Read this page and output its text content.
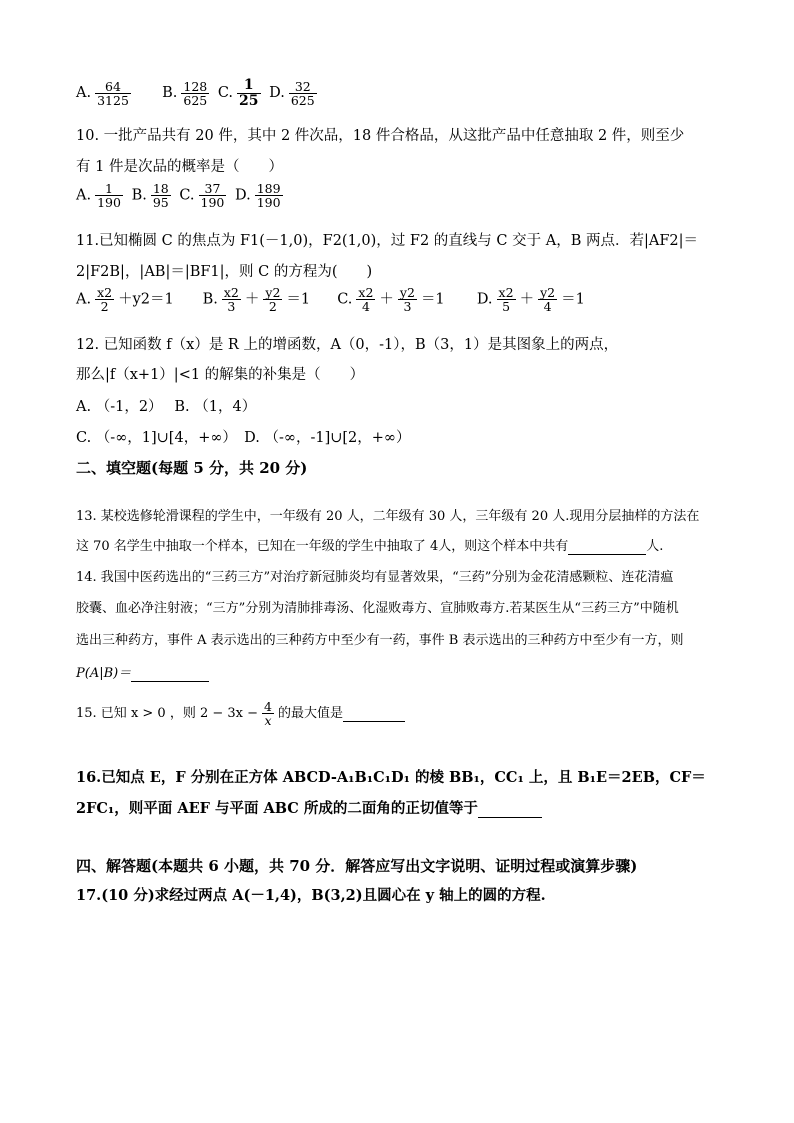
A. $\frac{64}{3125} B$. $\frac{128}{625} C$. $\frac{1}{25} D$. $\frac{32}{625}$
10. 一批产品共有 20 件，其中 2 件次品，18 件合格品，从这批产品中任意抽取 2 件，则至少
有 1 件是次品的概率是（　　）
A. $\frac{1}{190} B$. $\frac{18}{95} C$. $\frac{37}{190} D$. $\frac{189}{190}$
11.已知椭圆 C 的焦点为 F1(－1,0)，F2(1,0)，过 F2 的直线与 C 交于 A，B 两点．若|AF2|＝
2|F2B|，|AB|＝|BF1|，则 C 的方程为(　　)
A. $\frac{x2}{2} +y2=1$ B. $\frac{x2}{3} + \frac{y2}{2} =1$ C. $\frac{x2}{4} + \frac{y2}{3} =1$ D. $\frac{x2}{5} + \frac{y2}{4} =1$
12. 已知函数 f（x）是 R 上的增函数，A（0，-1），B（3，1）是其图象上的两点，
那么|f（x+1）|<1 的解集的补集是（　　）
A. （-1，2）　 B. （1，4）
C. （-∞，1]∪[4，+∞）　D. （-∞，-1]∪[2，+∞）
二、填空题(每题 5 分，共 20 分)
13. 某校选修轮滑课程的学生中，一年级有 20 人，二年级有 30 人，三年级有 20 人.现用分层抽样的方法在
这 70 名学生中抽取一个样本，已知在一年级的学生中抽取了 4人，则这个样本中共有	人.
14. 我国中医药选出的“三药三方”对治疗新冠肺炎均有显著效果，“三药”分别为金花清感颗粒、连花清瘟
胶囊、血必净注射液；“三方”分别为清肺排毒汤、化湿败毒方、宣肺败毒方.若某医生从“三药三方”中随机
选出三种药方，事件 A 表示选出的三种药方中至少有一药，事件 B 表示选出的三种药方中至少有一方，则
P(A|B)＝
15. 已知 x > 0 ，则 $2 - 3x - \frac{4}{x}$ 的最大值是
16.已知点 E，F 分别在正方体 ABCD-A₁B₁C₁D₁ 的棱 BB₁，CC₁ 上，且 B₁E＝2EB，CF＝
2FC₁，则平面 AEF 与平面 ABC 所成的二面角的正切值等于
四、解答题(本题共 6 小题，共 70 分．解答应写出文字说明、证明过程或演算步骤)
17.(10 分)求经过两点 A(－1,4)，B(3,2)且圆心在 y 轴上的圆的方程.
